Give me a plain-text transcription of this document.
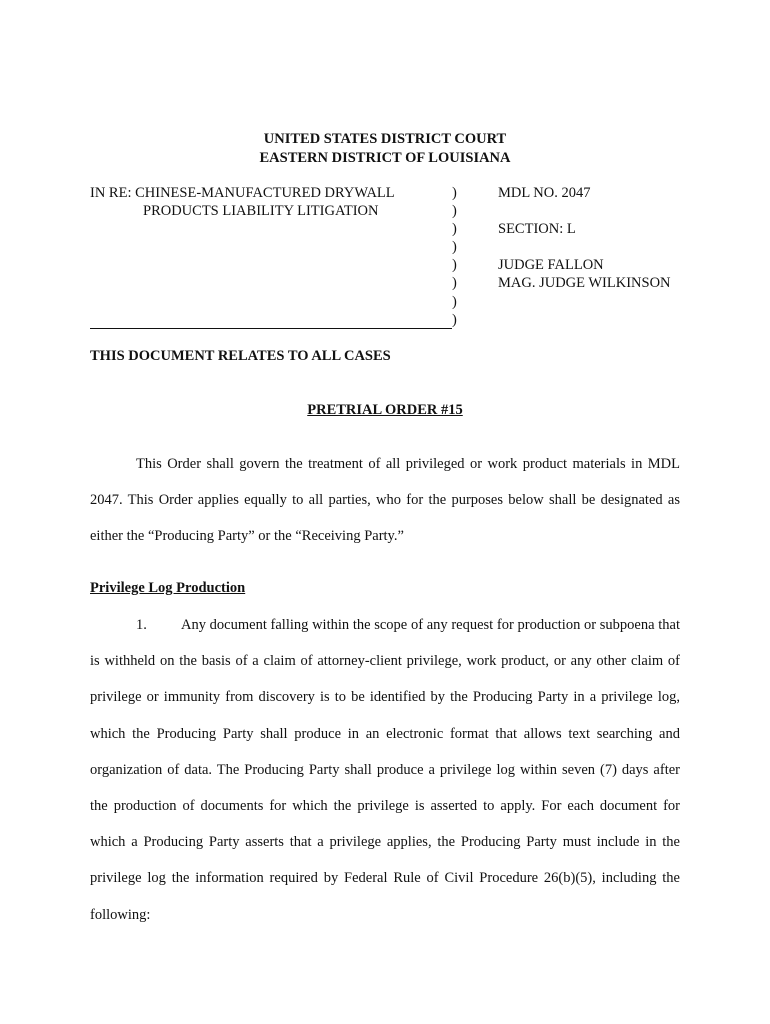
UNITED STATES DISTRICT COURT
EASTERN DISTRICT OF LOUISIANA
IN RE: CHINESE-MANUFACTURED DRYWALL
PRODUCTS LIABILITY LITIGATION
)
)
)
)
)
)
)
)
MDL NO. 2047
SECTION: L
JUDGE FALLON
MAG. JUDGE WILKINSON
THIS DOCUMENT RELATES TO ALL CASES
PRETRIAL ORDER #15
This Order shall govern the treatment of all privileged or work product materials in MDL
2047. This Order applies equally to all parties, who for the purposes below shall be designated as
either the “Producing Party” or the “Receiving Party.”
Privilege Log Production
1. Any document falling within the scope of any request for production or subpoena that
is withheld on the basis of a claim of attorney-client privilege, work product, or any other claim of
privilege or immunity from discovery is to be identified by the Producing Party in a privilege log,
which the Producing Party shall produce in an electronic format that allows text searching and
organization of data. The Producing Party shall produce a privilege log within seven (7) days after
the production of documents for which the privilege is asserted to apply. For each document for
which a Producing Party asserts that a privilege applies, the Producing Party must include in the
privilege log the information required by Federal Rule of Civil Procedure 26(b)(5), including the
following:
